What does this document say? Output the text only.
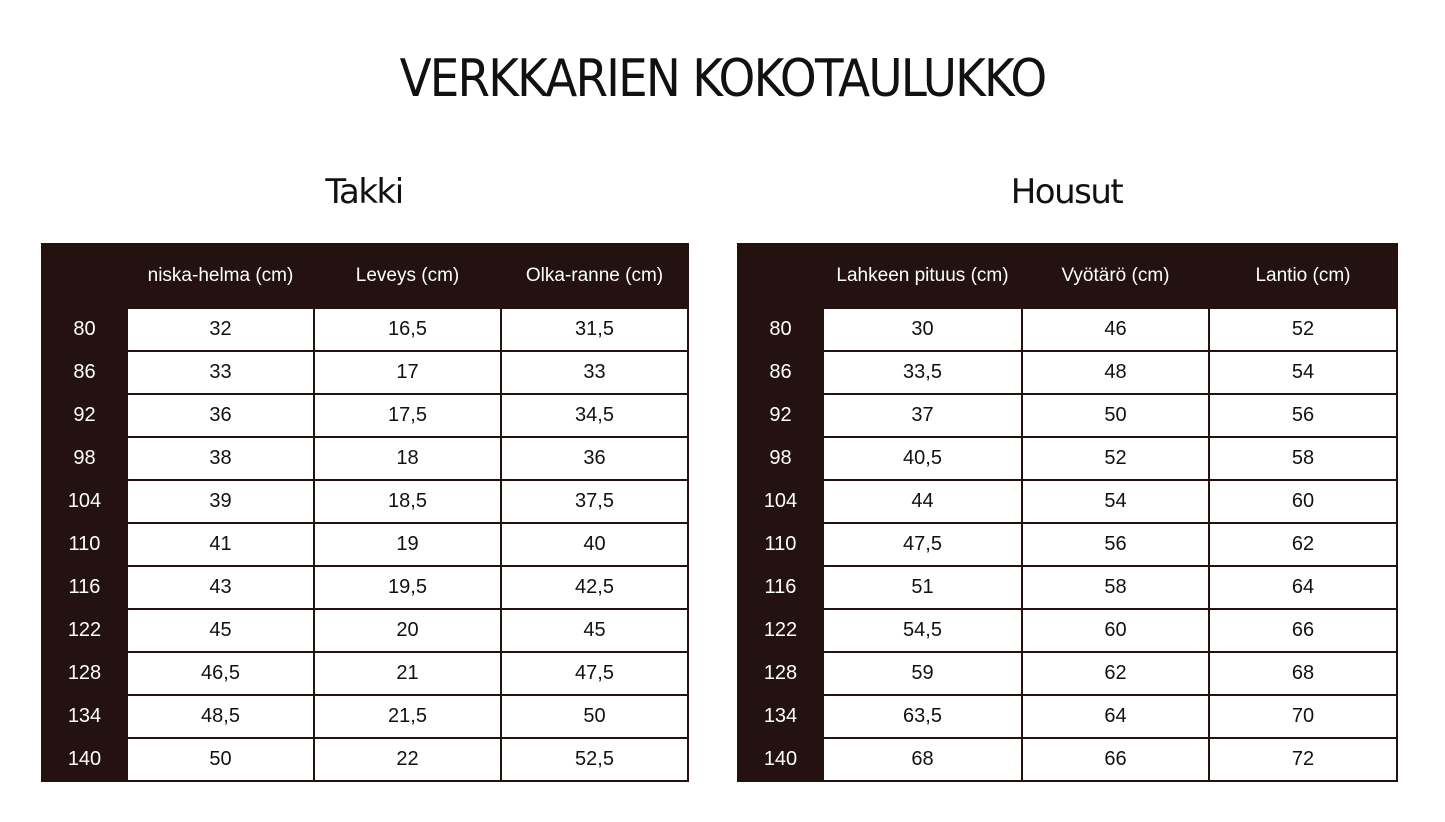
VERKKARIEN KOKOTAULUKKO
Takki
	niska-helma (cm)	Leveys (cm)	Olka-ranne (cm)
80	32	16,5	31,5
86	33	17	33
92	36	17,5	34,5
98	38	18	36
104	39	18,5	37,5
110	41	19	40
116	43	19,5	42,5
122	45	20	45
128	46,5	21	47,5
134	48,5	21,5	50
140	50	22	52,5
Housut
	Lahkeen pituus (cm)	Vyötärö (cm)	Lantio (cm)
80	30	46	52
86	33,5	48	54
92	37	50	56
98	40,5	52	58
104	44	54	60
110	47,5	56	62
116	51	58	64
122	54,5	60	66
128	59	62	68
134	63,5	64	70
140	68	66	72
